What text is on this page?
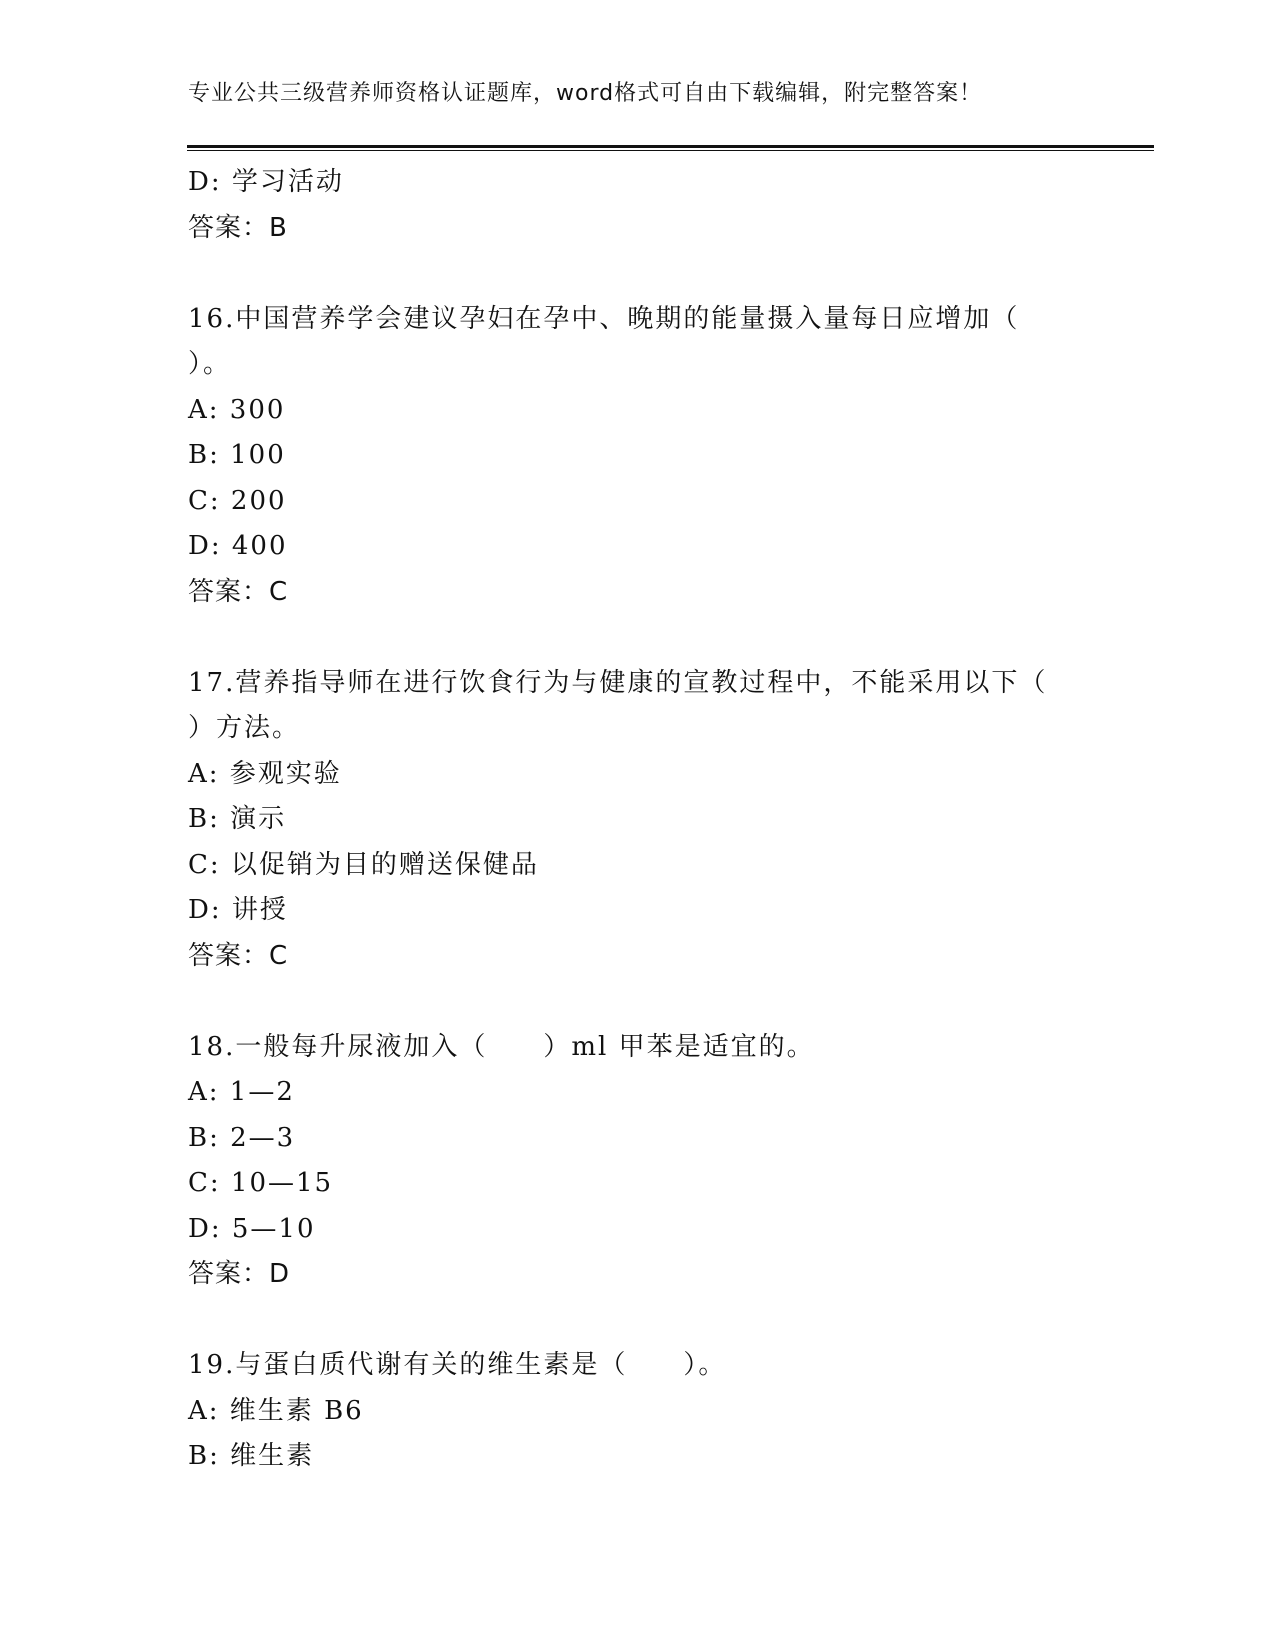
专业公共三级营养师资格认证题库，word格式可自由下载编辑，附完整答案！
D: 学习活动
答案：B
16.中国营养学会建议孕妇在孕中、晚期的能量摄入量每日应增加（
）。
A: 300
B: 100
C: 200
D: 400
答案：C
17.营养指导师在进行饮食行为与健康的宣教过程中，不能采用以下（
）方法。
A: 参观实验
B: 演示
C: 以促销为目的赠送保健品
D: 讲授
答案：C
18.一般每升尿液加入（　　）ml 甲苯是适宜的。
A: 1—2
B: 2—3
C: 10—15
D: 5—10
答案：D
19.与蛋白质代谢有关的维生素是（　　）。
A: 维生素 B6
B: 维生素
